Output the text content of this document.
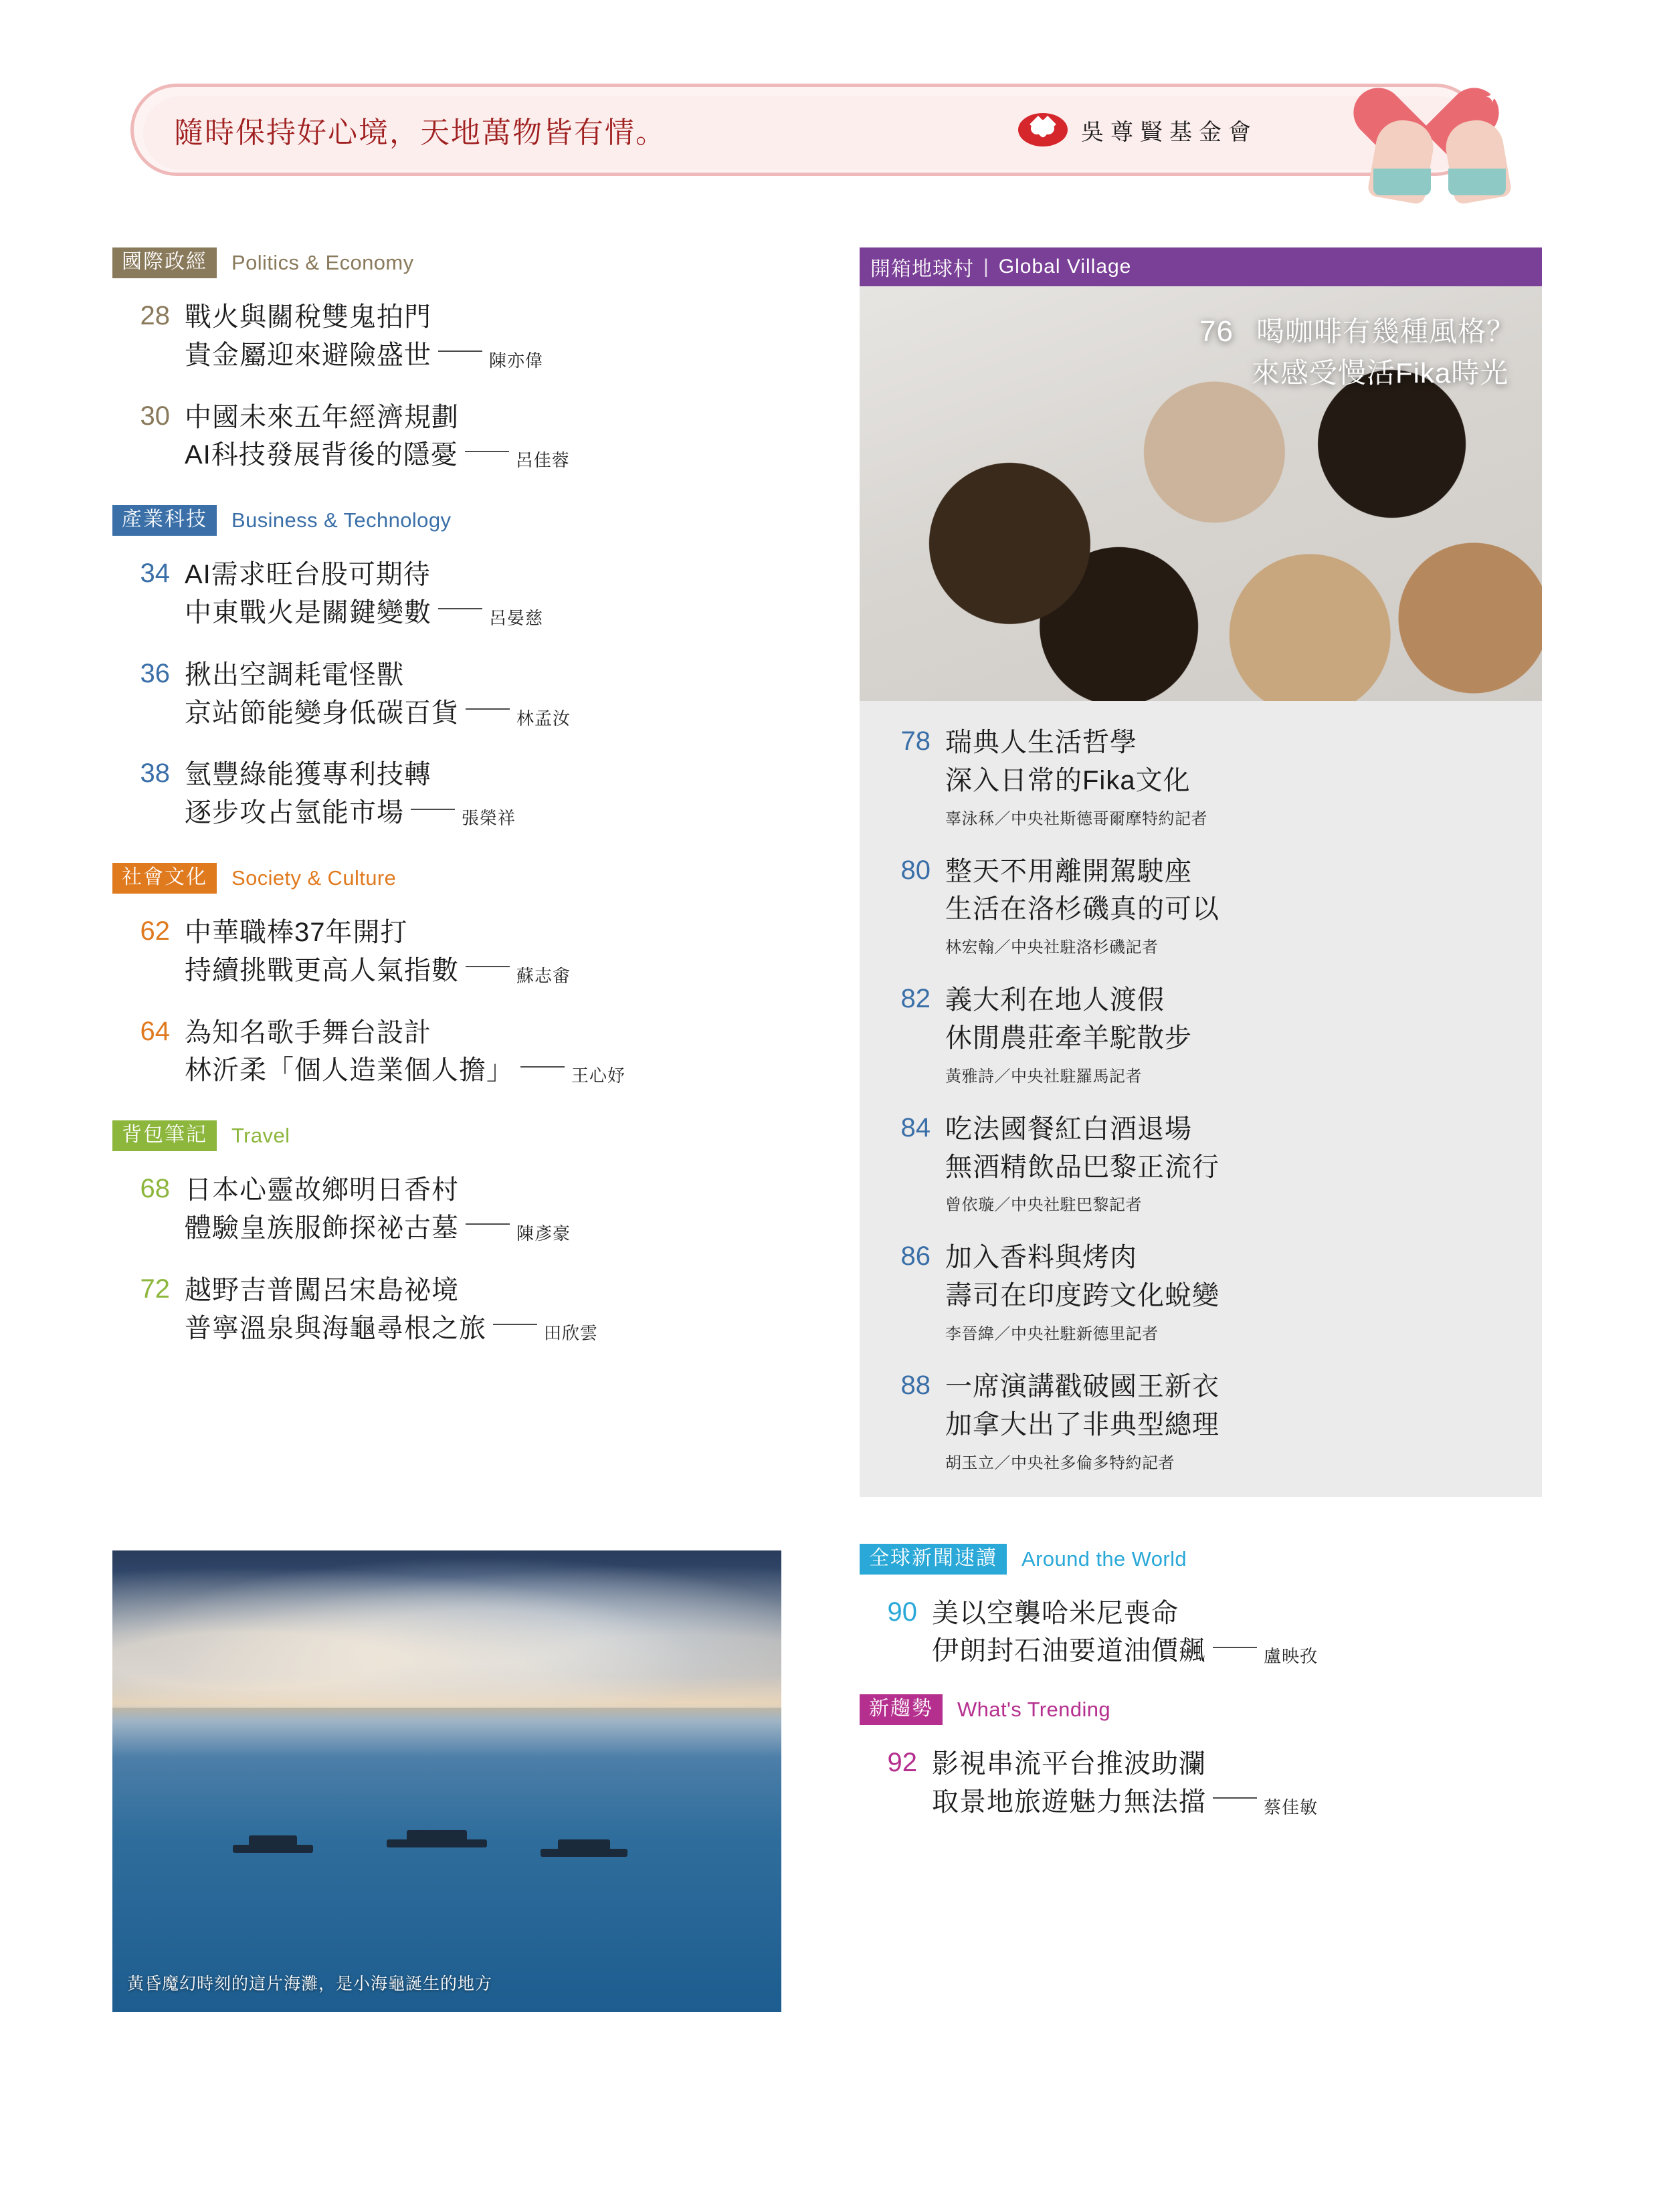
隨時保持好心境，天地萬物皆有情。	吳尊賢基金會
✦	✦
✦
國際政經	Politics & Economy
28 戰火與關稅雙鬼拍門
貴金屬迎來避險盛世	陳亦偉
30 中國未來五年經濟規劃
AI科技發展背後的隱憂	呂佳蓉
產業科技	Business & Technology
34 AI需求旺台股可期待
中東戰火是關鍵變數	呂晏慈
36 揪出空調耗電怪獸
京站節能變身低碳百貨	林孟汝
38 氫豐綠能獲專利技轉
逐步攻占氫能市場	張榮祥
社會文化	Society & Culture
62 中華職棒37年開打
持續挑戰更高人氣指數	蘇志畬
64 為知名歌手舞台設計
林沂柔「個人造業個人擔」	王心妤
背包筆記	Travel
68 日本心靈故鄉明日香村
體驗皇族服飾探祕古墓	陳彥豪
72 越野吉普闖呂宋島祕境
普寧溫泉與海龜尋根之旅	田欣雲
黃昏魔幻時刻的這片海灘，是小海龜誕生的地方
開箱地球村 | Global Village
76 喝咖啡有幾種風格？
來感受慢活Fika時光
78 瑞典人生活哲學
深入日常的Fika文化
辜泳秝／中央社斯德哥爾摩特約記者
80 整天不用離開駕駛座
生活在洛杉磯真的可以
林宏翰／中央社駐洛杉磯記者
82 義大利在地人渡假
休閒農莊牽羊駝散步
黃雅詩／中央社駐羅馬記者
84 吃法國餐紅白酒退場
無酒精飲品巴黎正流行
曾依璇／中央社駐巴黎記者
86 加入香料與烤肉
壽司在印度跨文化蛻變
李晉緯／中央社駐新德里記者
88 一席演講戳破國王新衣
加拿大出了非典型總理
胡玉立／中央社多倫多特約記者
全球新聞速讀	Around the World
90 美以空襲哈米尼喪命
伊朗封石油要道油價飆	盧映孜
新趨勢	What's Trending
92 影視串流平台推波助瀾
取景地旅遊魅力無法擋	蔡佳敏
